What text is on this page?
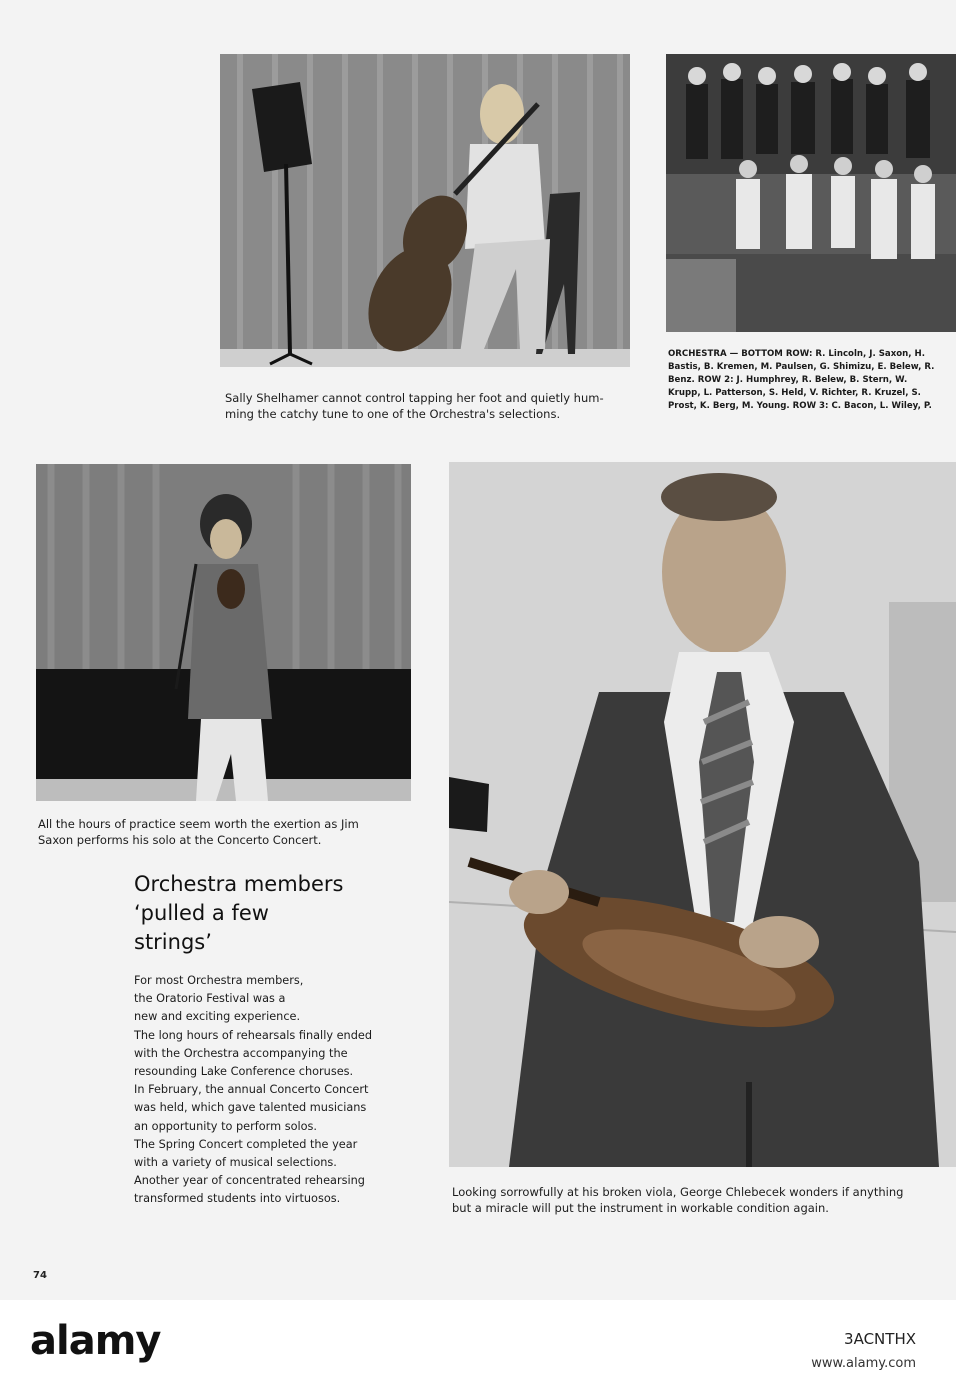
Sally Shelhamer cannot control tapping her foot and quietly hum-
ming the catchy tune to one of the Orchestra's selections.
ORCHESTRA — BOTTOM ROW: R. Lincoln, J. Saxon, H.
Bastis, B. Kremen, M. Paulsen, G. Shimizu, E. Belew, R.
Benz. ROW 2: J. Humphrey, R. Belew, B. Stern, W.
Krupp, L. Patterson, S. Held, V. Richter, R. Kruzel, S.
Prost, K. Berg, M. Young. ROW 3: C. Bacon, L. Wiley, P.
All the hours of practice seem worth the exertion as Jim
Saxon performs his solo at the Concerto Concert.
Looking sorrowfully at his broken viola, George Chlebecek wonders if anything
but a miracle will put the instrument in workable condition again.
Orchestra members
‘pulled a few
strings’
For most Orchestra members,
the Oratorio Festival was a
new and exciting experience.
The long hours of rehearsals finally ended
with the Orchestra accompanying the
resounding Lake Conference choruses.
In February, the annual Concerto Concert
was held, which gave talented musicians
an opportunity to perform solos.
The Spring Concert completed the year
with a variety of musical selections.
Another year of concentrated rehearsing
transformed students into virtuosos.
74
alamy	3ACNTHX
www.alamy.com
